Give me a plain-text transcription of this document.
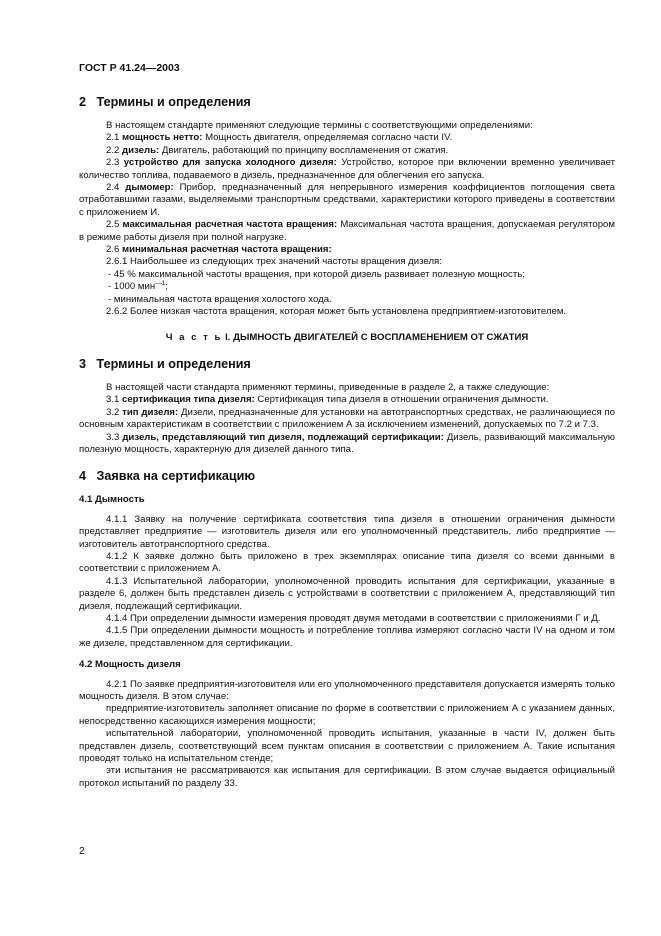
ГОСТ Р 41.24—2003
2 Термины и определения

В настоящем стандарте применяют следующие термины с соответствующими определениями:

2.1 мощность нетто: Мощность двигателя, определяемая согласно части IV.

2.2 дизель: Двигатель, работающий по принципу воспламенения от сжатия.

2.3 устройство для запуска холодного дизеля: Устройство, которое при включении временно увеличивает количество топлива, подаваемого в дизель, предназначенное для облегчения его запуска.

2.4 дымомер: Прибор, предназначенный для непрерывного измерения коэффициентов поглощения света отработавшими газами, выделяемыми транспортным средствами, характеристики которого приведены в соответствии с приложением И.

2.5 максимальная расчетная частота вращения: Максимальная частота вращения, допускаемая регулятором в режиме работы дизеля при полной нагрузке.

2.6 минимальная расчетная частота вращения:

2.6.1 Наибольшее из следующих трех значений частоты вращения дизеля:

- 45 % максимальной частоты вращения, при которой дизель развивает полезную мощность;

- 1000 мин$^{—1}$;

- минимальная частота вращения холостого хода.

2.6.2 Более низкая частота вращения, которая может быть установлена предприятием-изготовителем.

Ч а с т ь I. ДЫМНОСТЬ ДВИГАТЕЛЕЙ С ВОСПЛАМЕНЕНИЕМ ОТ СЖАТИЯ

3 Термины и определения

В настоящей части стандарта применяют термины, приведенные в разделе 2, а также следующие:

3.1 сертификация типа дизеля: Сертификация типа дизеля в отношении ограничения дымности.

3.2 тип дизеля: Дизели, предназначенные для установки на автотранспортных средствах, не различающиеся по основным характеристикам в соответствии с приложением А за исключением изменений, допускаемых по 7.2 и 7.3.

3.3 дизель, представляющий тип дизеля, подлежащий сертификации: Дизель, развивающий максимальную полезную мощность, характерную для дизелей данного типа.

4 Заявка на сертификацию
4.1 Дымность

4.1.1 Заявку на получение сертификата соответствия типа дизеля в отношении ограничения дымности представляет предприятие — изготовитель дизеля или его уполномоченный представитель, либо предприятие — изготовитель автотранспортного средства.

4.1.2 К заявке должно быть приложено в трех экземплярах описание типа дизеля со всеми данными в соответствии с приложением А.

4.1.3 Испытательной лаборатории, уполномоченной проводить испытания для сертификации, указанные в разделе 6, должен быть представлен дизель с устройствами в соответствии с приложением А, представляющий тип дизеля, подлежащий сертификации.

4.1.4 При определении дымности измерения проводят двумя методами в соответствии с приложениями Г и Д.

4.1.5 При определении дымности мощность и потребление топлива измеряют согласно части IV на одном и том же дизеле, представленном для сертификации.

4.2 Мощность дизеля

4.2.1 По заявке предприятия-изготовителя или его уполномоченного представителя допускается измерять только мощность дизеля. В этом случае:

предприятие-изготовитель заполняет описание по форме в соответствии с приложением А с указанием данных, непосредственно касающихся измерения мощности;

испытательной лаборатории, уполномоченной проводить испытания, указанные в части IV, должен быть представлен дизель, соответствующий всем пунктам описания в соответствии с приложением А. Такие испытания проводят только на испытательном стенде;

эти испытания не рассматриваются как испытания для сертификации. В этом случае выдается официальный протокол испытаний по разделу 33.

2
